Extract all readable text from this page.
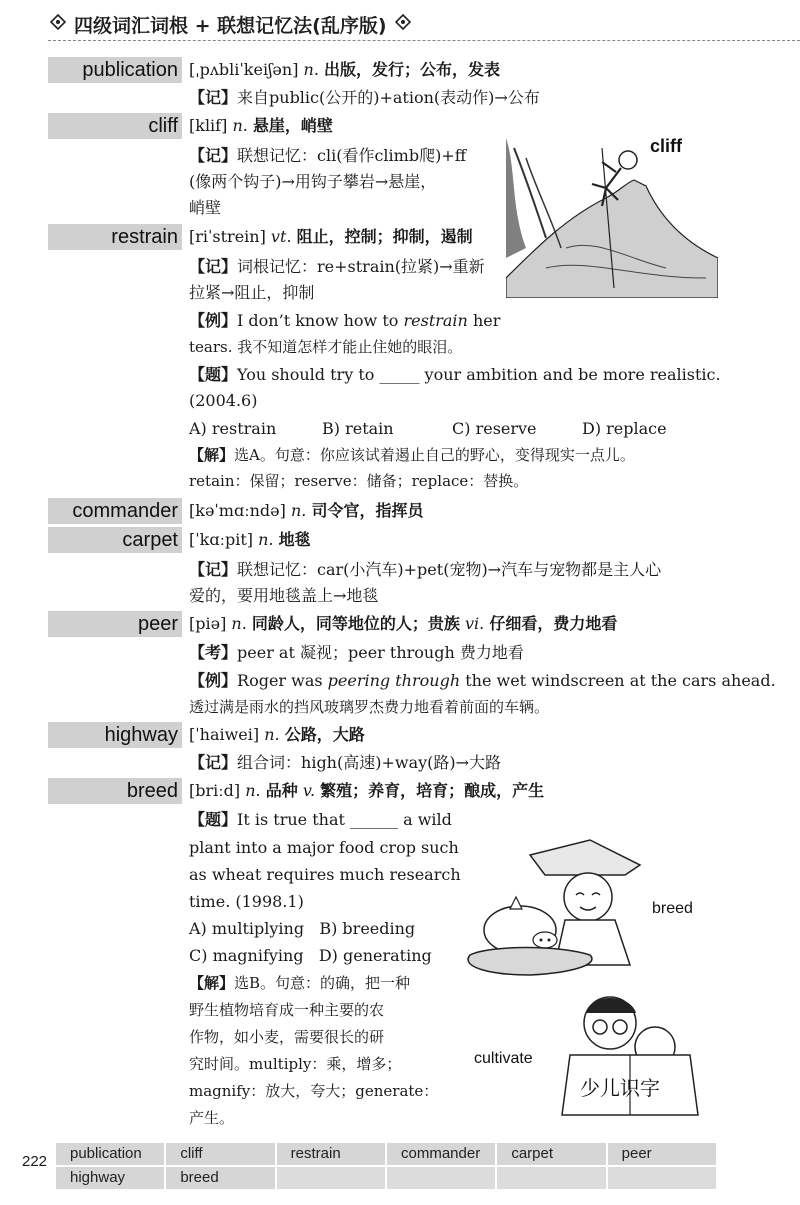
四级词汇词根 + 联想记忆法(乱序版)
publication [ˌpʌbliˈkeiʃən] n. 出版，发行；公布，发表
【记】来自public(公开的)+ation(表动作)→公布
cliff [klif] n. 悬崖，峭壁
【记】联想记忆：cli(看作climb爬)+ff
(像两个钩子)→用钩子攀岩→悬崖，
峭壁
cliff
restrain [riˈstrein] vt. 阻止，控制；抑制，遏制
【记】词根记忆：re+strain(拉紧)→重新
拉紧→阻止，抑制
【例】I don’t know how to restrain her
tears. 我不知道怎样才能止住她的眼泪。
【题】You should try to _____ your ambition and be more realistic.
(2004.6)
A) restrain	B) retain	C) reserve	D) replace
【解】选A。句意：你应该试着遏止自己的野心，变得现实一点儿。
retain：保留；reserve：储备；replace：替换。
commander [kəˈmɑːndə] n. 司令官，指挥员
carpet [ˈkɑːpit] n. 地毯
【记】联想记忆：car(小汽车)+pet(宠物)→汽车与宠物都是主人心
爱的，要用地毯盖上→地毯
peer [piə] n. 同龄人，同等地位的人；贵族 vi. 仔细看，费力地看
【考】peer at 凝视；peer through 费力地看
【例】Roger was peering through the wet windscreen at the cars ahead.
透过满是雨水的挡风玻璃罗杰费力地看着前面的车辆。
highway [ˈhaiwei] n. 公路，大路
【记】组合词：high(高速)+way(路)→大路
breed [briːd] n. 品种 v. 繁殖；养育，培育；酿成，产生
【题】It is true that ______ a wild
plant into a major food crop such
as wheat requires much research
time. (1998.1)
A) multiplying   B) breeding
C) magnifying   D) generating
【解】选B。句意：的确，把一种
野生植物培育成一种主要的农
作物，如小麦，需要很长的研
究时间。multiply：乘，增多；
magnify：放大，夸大；generate：
产生。
breed
少儿识字
cultivate
222	publication	cliff	restrain	commander	carpet	peer
highway	breed
